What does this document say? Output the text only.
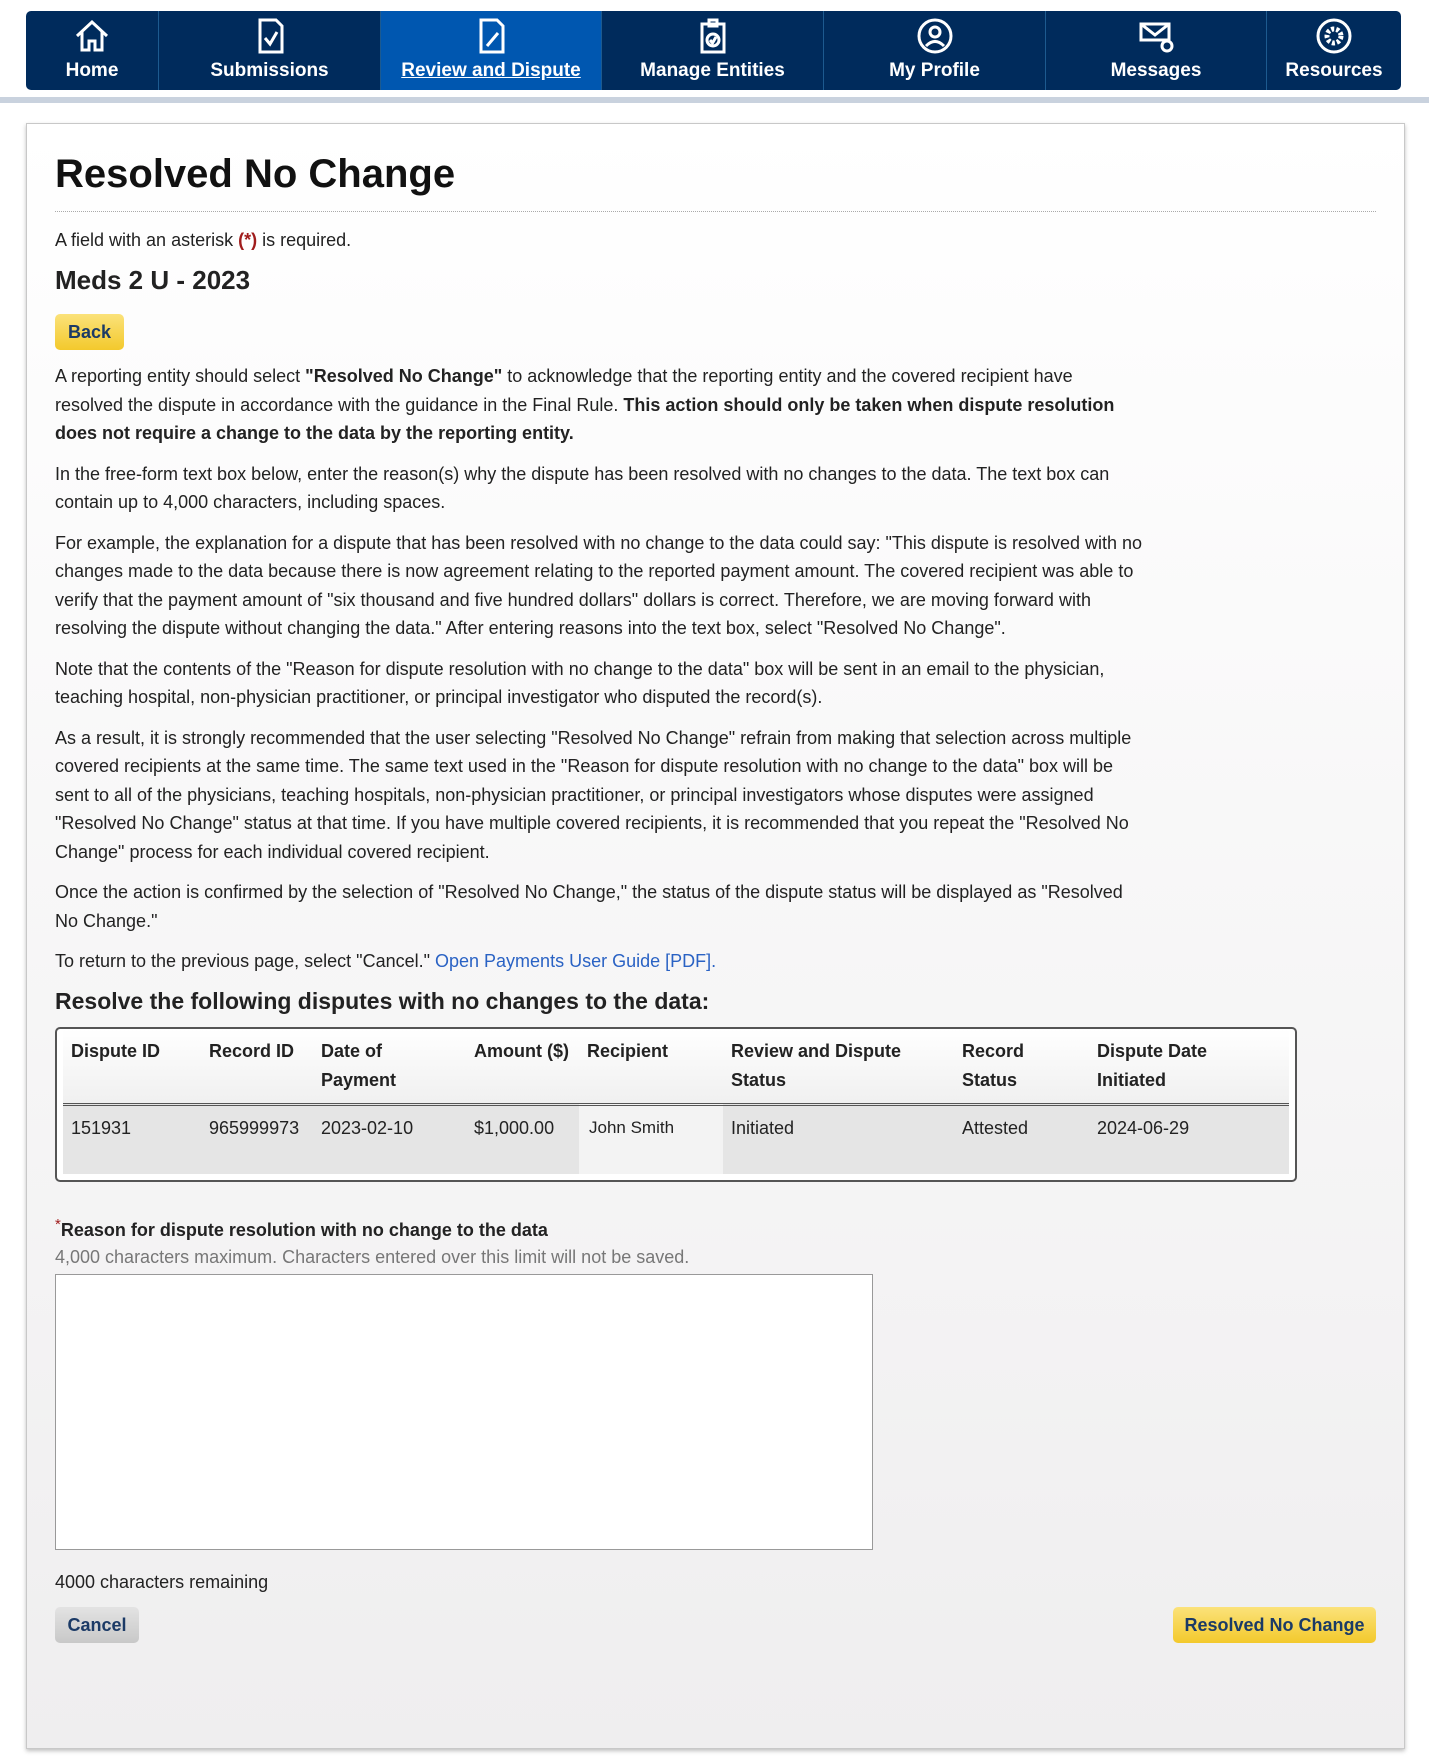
Home	Submissions	Review and Dispute	Manage Entities	My Profile	Messages	Resources
Resolved No Change
A field with an asterisk (*) is required.
Meds 2 U - 2023
Back

A reporting entity should select "Resolved No Change" to acknowledge that the reporting entity and the covered recipient have resolved the dispute in accordance with the guidance in the Final Rule. This action should only be taken when dispute resolution does not require a change to the data by the reporting entity.

In the free-form text box below, enter the reason(s) why the dispute has been resolved with no changes to the data. The text box can contain up to 4,000 characters, including spaces.

For example, the explanation for a dispute that has been resolved with no change to the data could say: "This dispute is resolved with no changes made to the data because there is now agreement relating to the reported payment amount. The covered recipient was able to verify that the payment amount of "six thousand and five hundred dollars" dollars is correct. Therefore, we are moving forward with resolving the dispute without changing the data." After entering reasons into the text box, select "Resolved No Change".

Note that the contents of the "Reason for dispute resolution with no change to the data" box will be sent in an email to the physician, teaching hospital, non-physician practitioner, or principal investigator who disputed the record(s).

As a result, it is strongly recommended that the user selecting "Resolved No Change" refrain from making that selection across multiple covered recipients at the same time. The same text used in the "Reason for dispute resolution with no change to the data" box will be sent to all of the physicians, teaching hospitals, non-physician practitioner, or principal investigators whose disputes were assigned "Resolved No Change" status at that time. If you have multiple covered recipients, it is recommended that you repeat the "Resolved No Change" process for each individual covered recipient.

Once the action is confirmed by the selection of "Resolved No Change," the status of the dispute status will be displayed as "Resolved No Change."

To return to the previous page, select "Cancel." Open Payments User Guide [PDF].

Resolve the following disputes with no changes to the data:
Dispute ID	Record ID	Date of Payment	Amount ($)	Recipient	Review and Dispute Status	Record Status	Dispute Date Initiated
151931	965999973	2023-02-10	$1,000.00	John Smith	Initiated	Attested	2024-06-29
*Reason for dispute resolution with no change to the data
4,000 characters maximum. Characters entered over this limit will not be saved.
4000 characters remaining
Cancel	Resolved No Change
